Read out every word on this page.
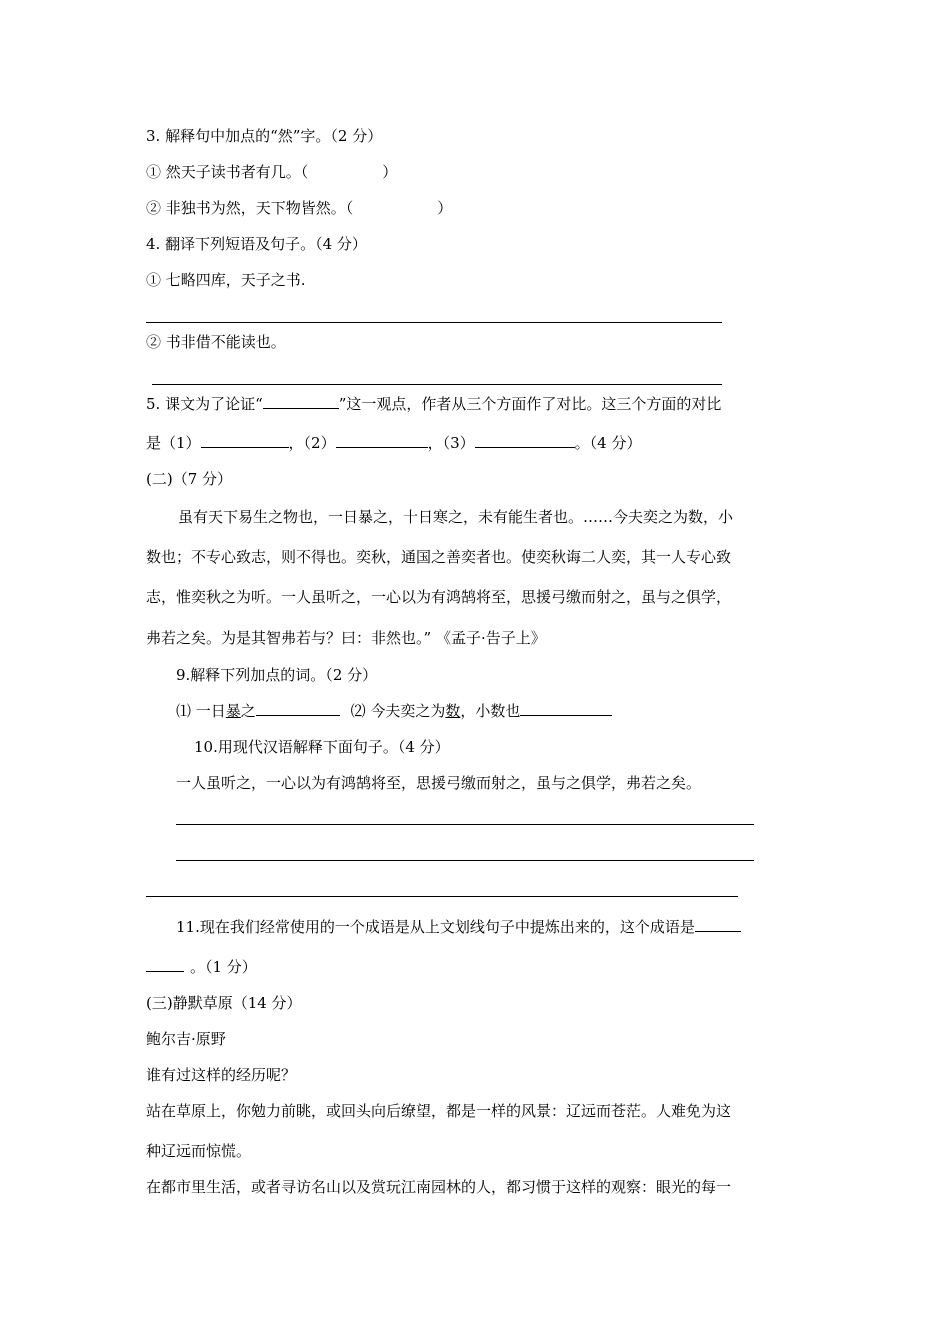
3. 解释句中加点的“然”字。（2 分）
① 然天子读书者有几。（	）
② 非独书为然，天下物皆然。（	）
4. 翻译下列短语及句子。（4 分）
① 七略四库，天子之书.
② 书非借不能读也。
5. 课文为了论证“	”这一观点，作者从三个方面作了对比。这三个方面的对比
是（1）	，（2）	，（3）	。（4 分）
(二)（7 分）
虽有天下易生之物也，一日暴之，十日寒之，未有能生者也。……今夫奕之为数，小
数也；不专心致志，则不得也。奕秋，通国之善奕者也。使奕秋诲二人奕，其一人专心致
志，惟奕秋之为听。一人虽听之，一心以为有鸿鹄将至，思援弓缴而射之，虽与之俱学，
弗若之矣。为是其智弗若与？曰：非然也。” 《孟子·告子上》
9.解释下列加点的词。（2 分）
⑴ 一日暴之	⑵ 今夫奕之为数，小数也
10.用现代汉语解释下面句子。（4 分）
一人虽听之，一心以为有鸿鹄将至，思援弓缴而射之，虽与之俱学，弗若之矣。
11.现在我们经常使用的一个成语是从上文划线句子中提炼出来的，这个成语是
。（1 分）
(三)静默草原（14 分）
鲍尔吉·原野
谁有过这样的经历呢？
站在草原上，你勉力前眺，或回头向后缭望，都是一样的风景：辽远而苍茫。人难免为这
种辽远而惊慌。
在都市里生活，或者寻访名山以及赏玩江南园林的人，都习惯于这样的观察：眼光的每一
